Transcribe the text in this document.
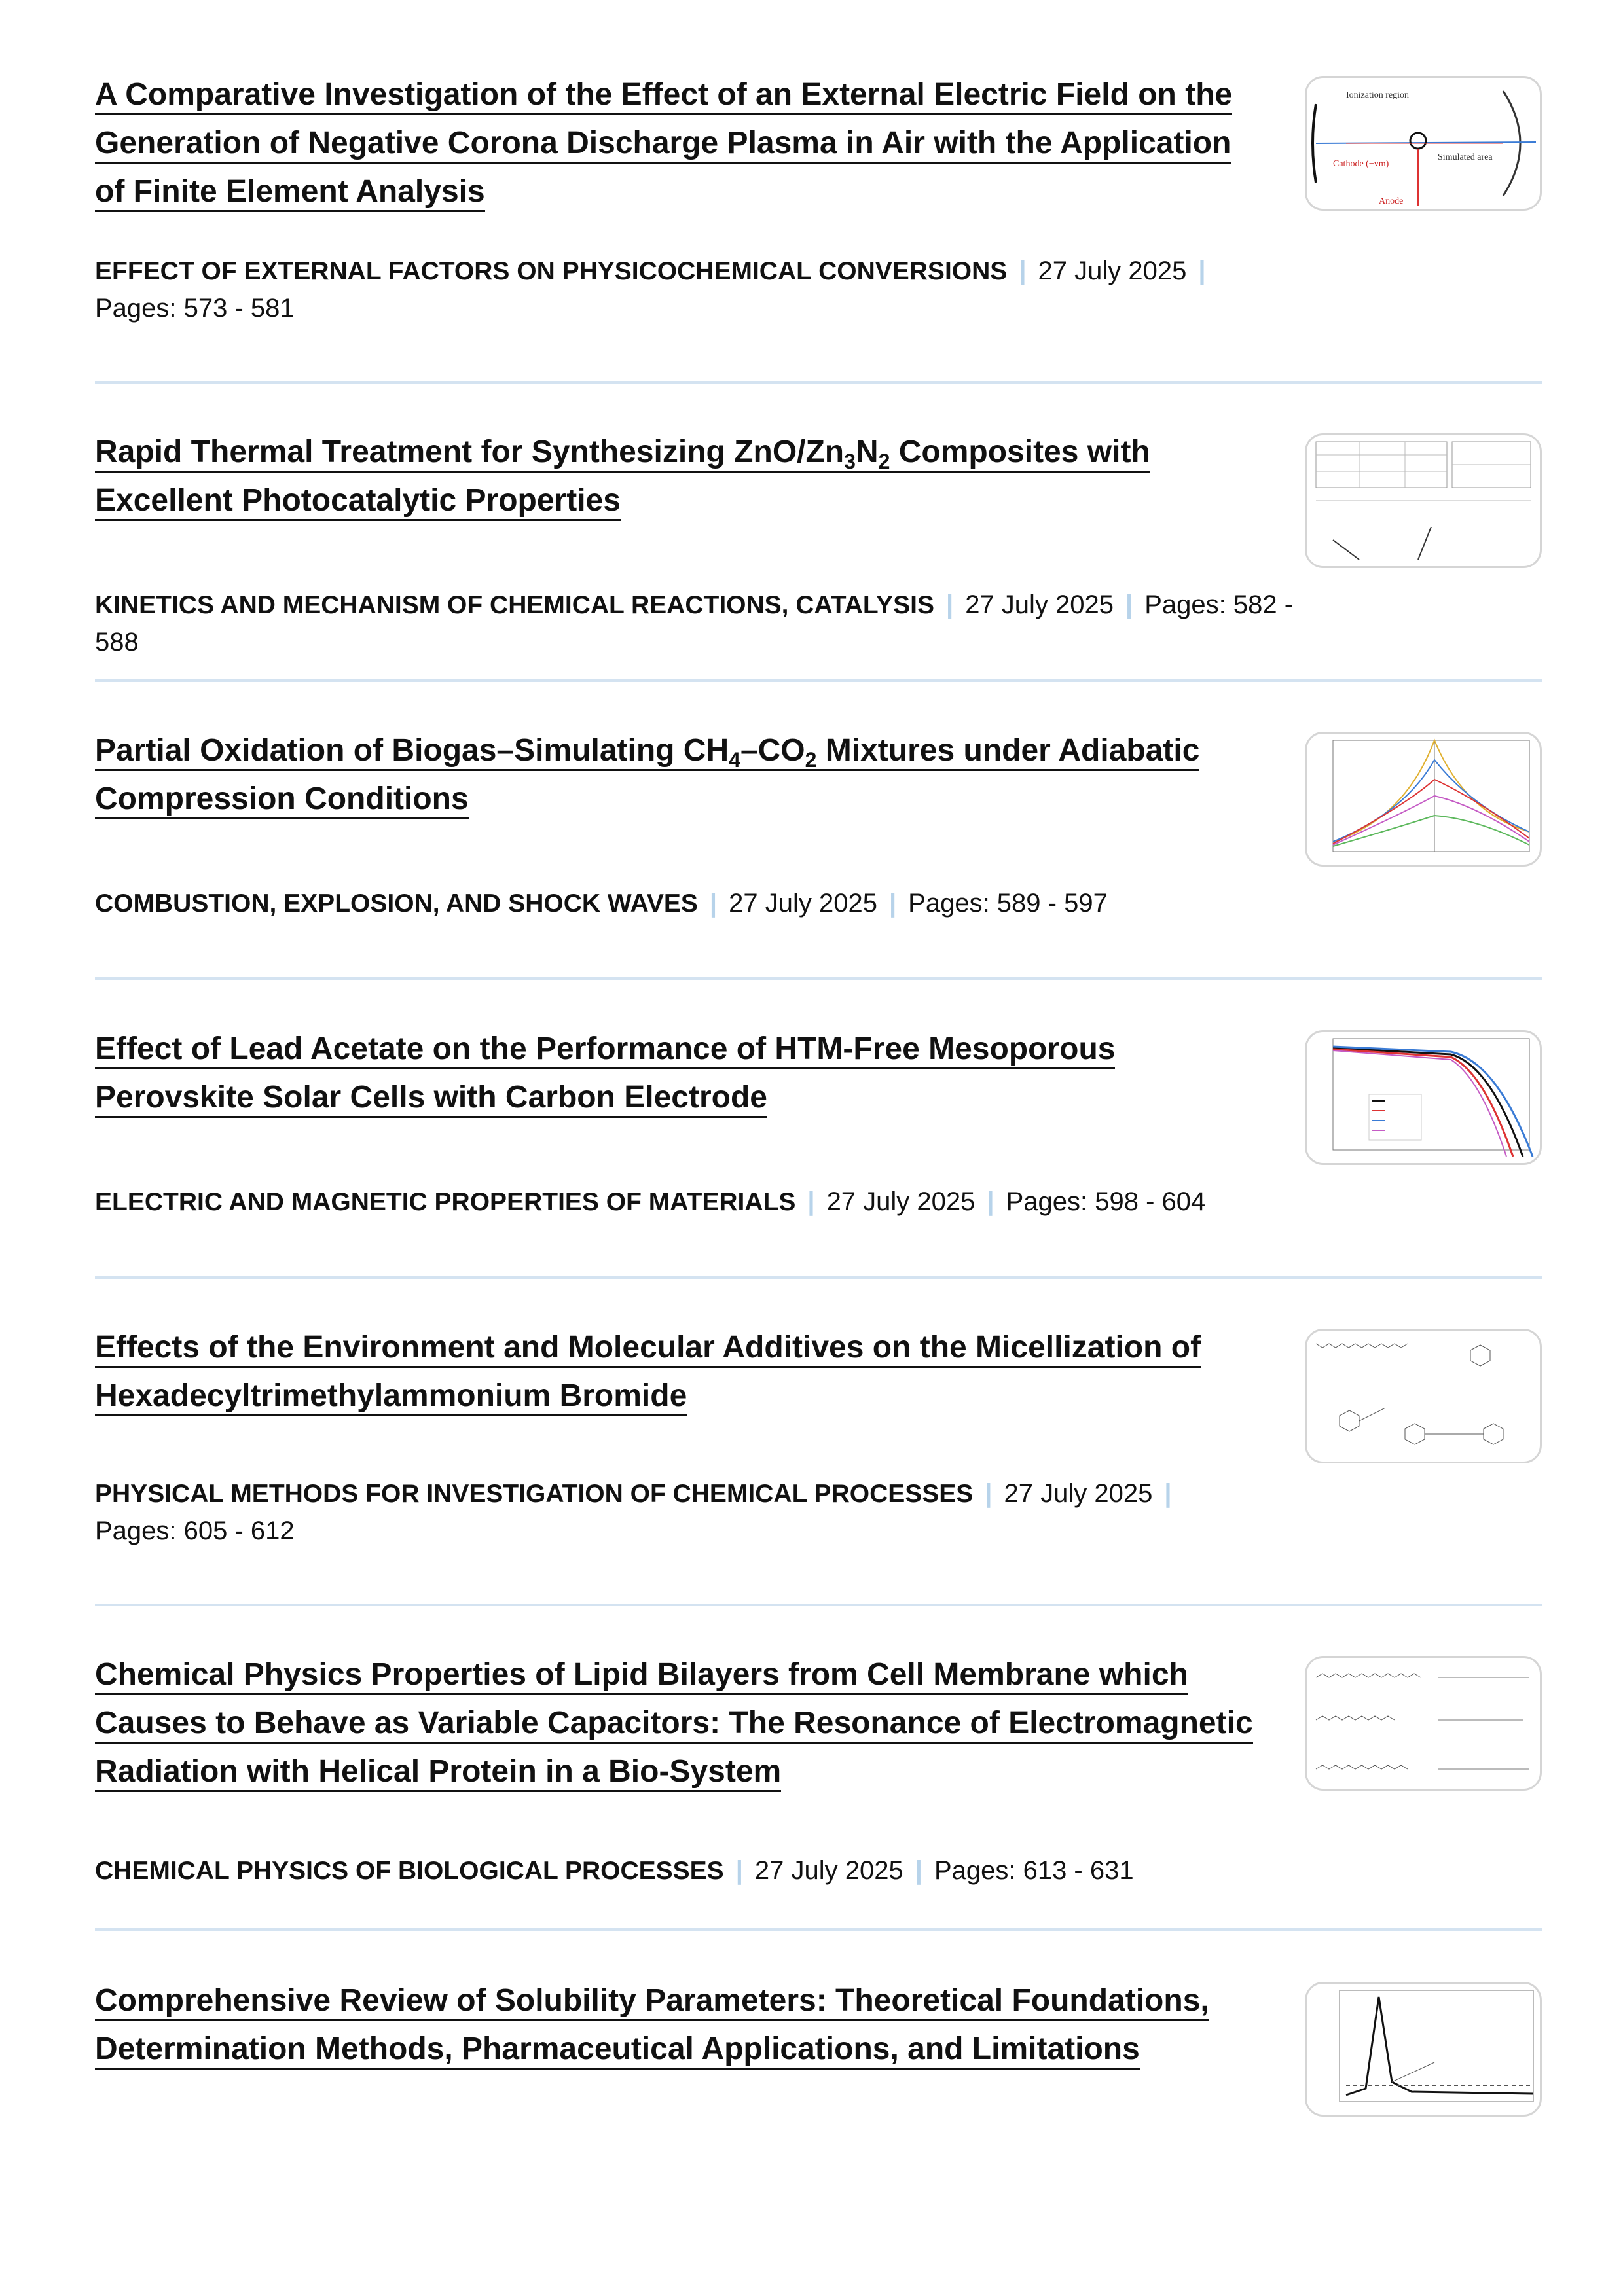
A Comparative Investigation of the Effect of an External Electric Field on the Generation of Negative Corona Discharge Plasma in Air with the Application of Finite Element Analysis
EFFECT OF EXTERNAL FACTORS ON PHYSICOCHEMICAL CONVERSIONS | 27 July 2025 |
Pages: 573 - 581
Ionization region
Cathode (−vm)
Simulated area
Anode
Rapid Thermal Treatment for Synthesizing ZnO/$Zn_3N_2$ Composites with Excellent Photocatalytic Properties
KINETICS AND MECHANISM OF CHEMICAL REACTIONS, CATALYSIS | 27 July 2025 | Pages: 582 - 588
Partial Oxidation of Biogas–Simulating $CH_4-CO_2$ Mixtures under Adiabatic Compression Conditions
COMBUSTION, EXPLOSION, AND SHOCK WAVES | 27 July 2025 | Pages: 589 - 597
Effect of Lead Acetate on the Performance of HTM-Free Mesoporous Perovskite Solar Cells with Carbon Electrode
ELECTRIC AND MAGNETIC PROPERTIES OF MATERIALS | 27 July 2025 | Pages: 598 - 604
Effects of the Environment and Molecular Additives on the Micellization of Hexadecyltrimethylammonium Bromide
PHYSICAL METHODS FOR INVESTIGATION OF CHEMICAL PROCESSES | 27 July 2025 |
Pages: 605 - 612
Chemical Physics Properties of Lipid Bilayers from Cell Membrane which Causes to Behave as Variable Capacitors: The Resonance of Electromagnetic Radiation with Helical Protein in a Bio-System
CHEMICAL PHYSICS OF BIOLOGICAL PROCESSES | 27 July 2025 | Pages: 613 - 631
Comprehensive Review of Solubility Parameters: Theoretical Foundations, Determination Methods, Pharmaceutical Applications, and Limitations
